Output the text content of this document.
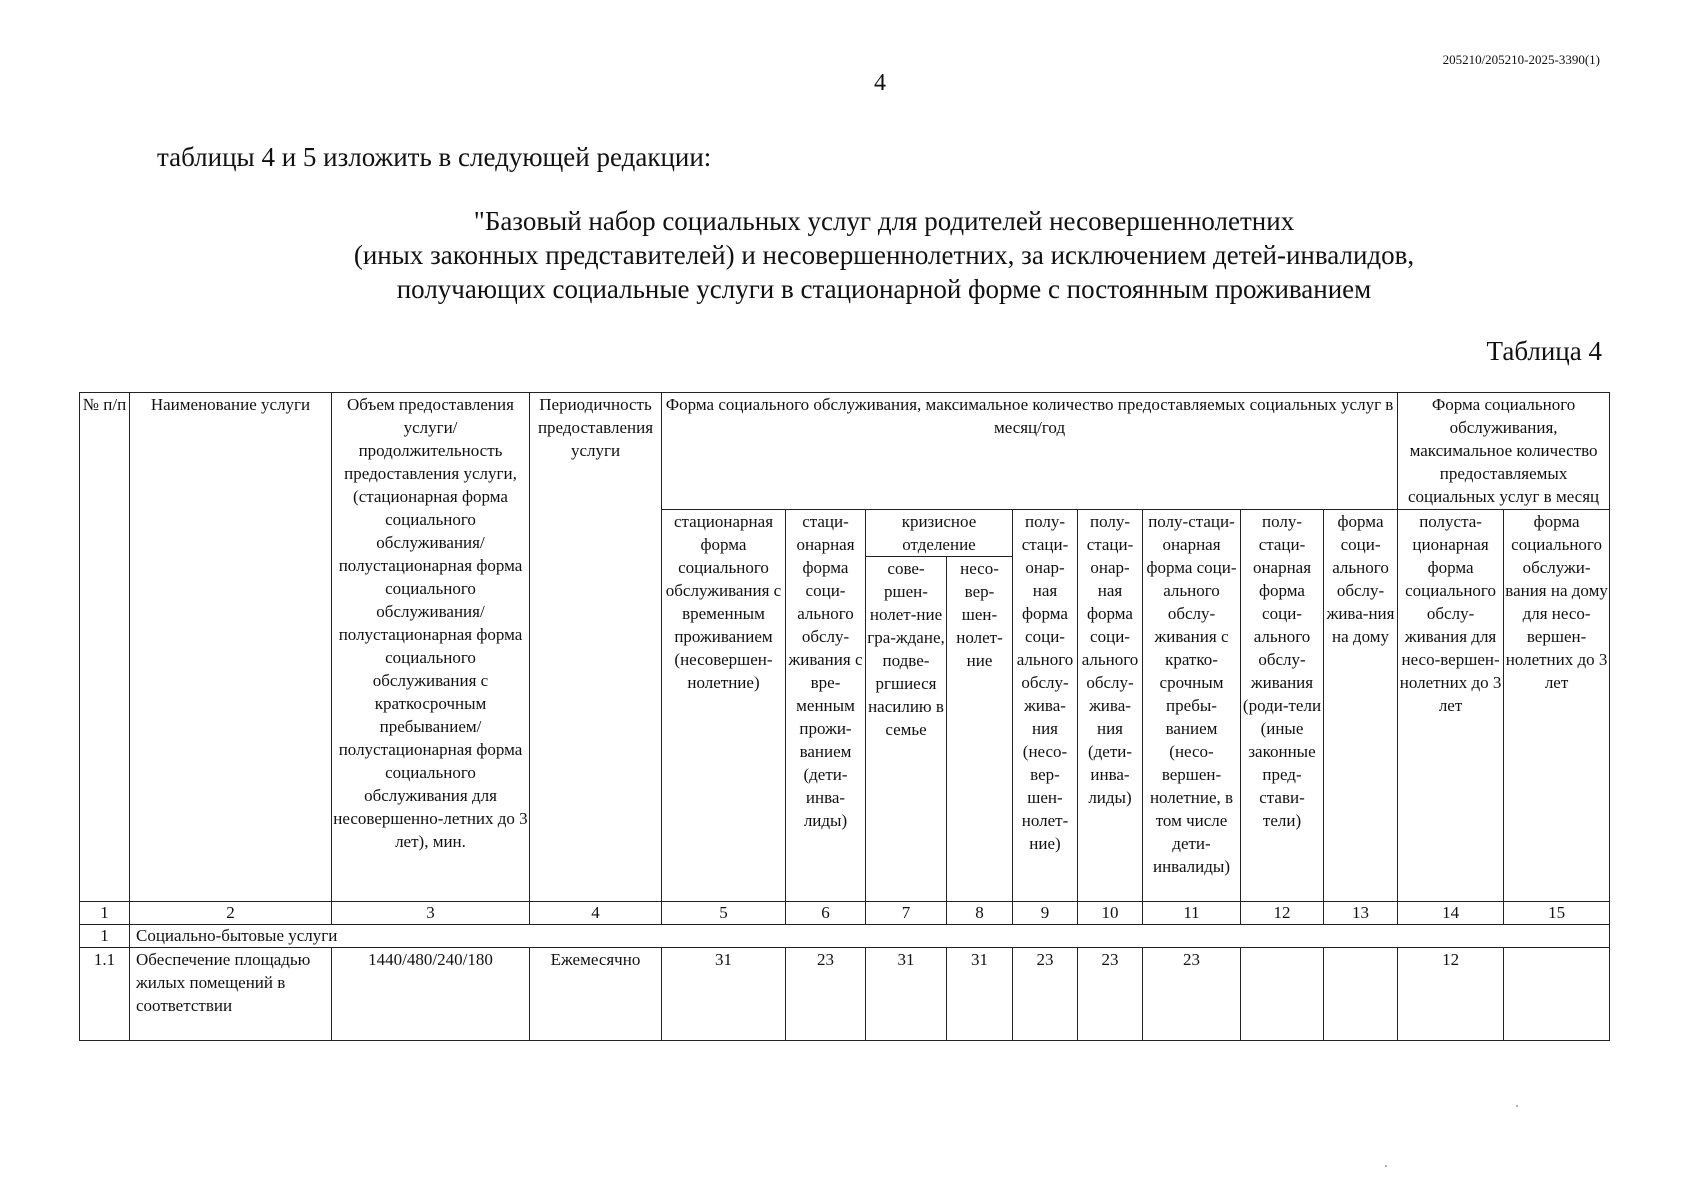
205210/205210-2025-3390(1)
4
таблицы 4 и 5 изложить в следующей редакции:
"Базовый набор социальных услуг для родителей несовершеннолетних
(иных законных представителей) и несовершеннолетних, за исключением детей-инвалидов,
получающих социальные услуги в стационарной форме с постоянным проживанием
Таблица 4
№ п/п	Наименование услуги	Объем предоставления услуги/ продолжительность предоставления услуги, (стационарная форма социального обслуживания/ полустационарная форма социального обслуживания/ полустационарная форма социального обслуживания с краткосрочным пребыванием/ полустационарная форма социального обслуживания для несовершенно-летних до 3 лет), мин.	Периодичность предоставления услуги	Форма социального обслуживания, максимальное количество предоставляемых социальных услуг в месяц/год									Форма социального обслуживания, максимальное количество предоставляемых социальных услуг в месяц	
				стационарная форма социального обслуживания с временным проживанием (несовершен-нолетние)	стаци-онарная форма соци-ального обслу-живания с вре-менным прожи-ванием (дети-инва-лиды)	кризисное отделение		полу-стаци-онар-ная форма соци-ального обслу-жива-ния (несо-вер-шен-нолет-ние)	полу-стаци-онар-ная форма соци-ального обслу-жива-ния (дети-инва-лиды)	полу-стаци-онарная форма соци-ального обслу-живания с кратко-срочным пребы-ванием (несо-вершен-нолетние, в том числе дети-инвалиды)	полу-стаци-онарная форма соци-ального обслу-живания (роди-тели (иные законные пред-стави-тели)	форма соци-ального обслу-жива-ния на дому	полуста-ционарная форма социального обслу-живания для несо-вершен-нолетних до 3 лет	форма социального обслужи-вания на дому для несо-вершен-нолетних до 3 лет
						сове-ршен-нолет-ние гра-ждане, подве-ргшиеся насилию в семье	несо-вер-шен-нолет-ние							
1	2	3	4	5	6	7	8	9	10	11	12	13	14	15
1	Социально-бытовые услуги													
1.1	Обеспечение площадью жилых помещений в соответствии	1440/480/240/180	Ежемесячно	31	23	31	31	23	23	23			12	
